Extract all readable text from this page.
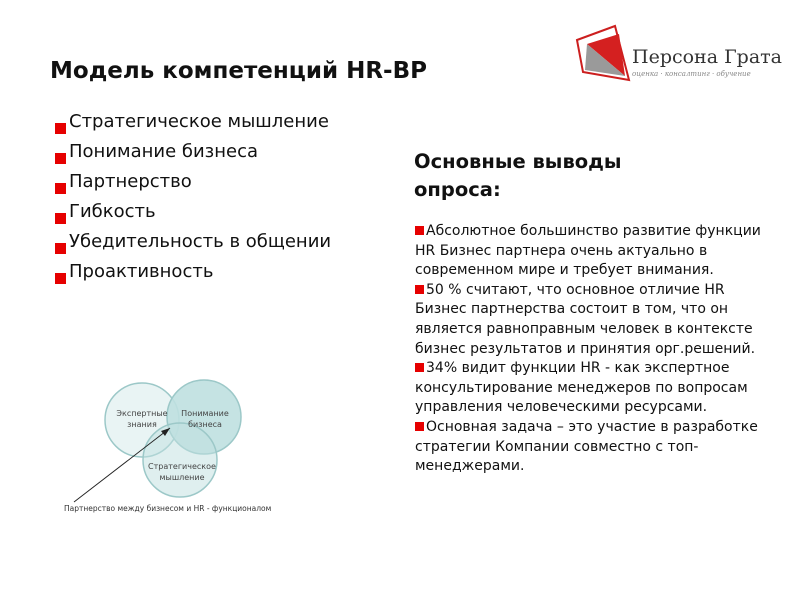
Персона Грата
оценка · консалтинг · обучение
Модель компетенций HR-BP
Стратегическое мышление
Понимание бизнеса
Партнерство
Гибкость
Убедительность в общении
Проактивность
Экспертные знания
Понимание бизнеса
Стратегическое мышление
Партнерство между бизнесом и HR - функционалом
Основные выводы опроса:

Абсолютное большинство развитие функции HR Бизнес партнера очень актуально в современном мире и требует внимания.

50 % считают, что основное отличие HR Бизнес партнерства состоит в том, что он является равноправным человек в контексте бизнес результатов и принятия орг.решений.

34% видит функции HR - как экспертное консультирование менеджеров по вопросам управления человеческими ресурсами.

Основная задача – это участие в разработке стратегии Компании совместно с топ-менеджерами.
